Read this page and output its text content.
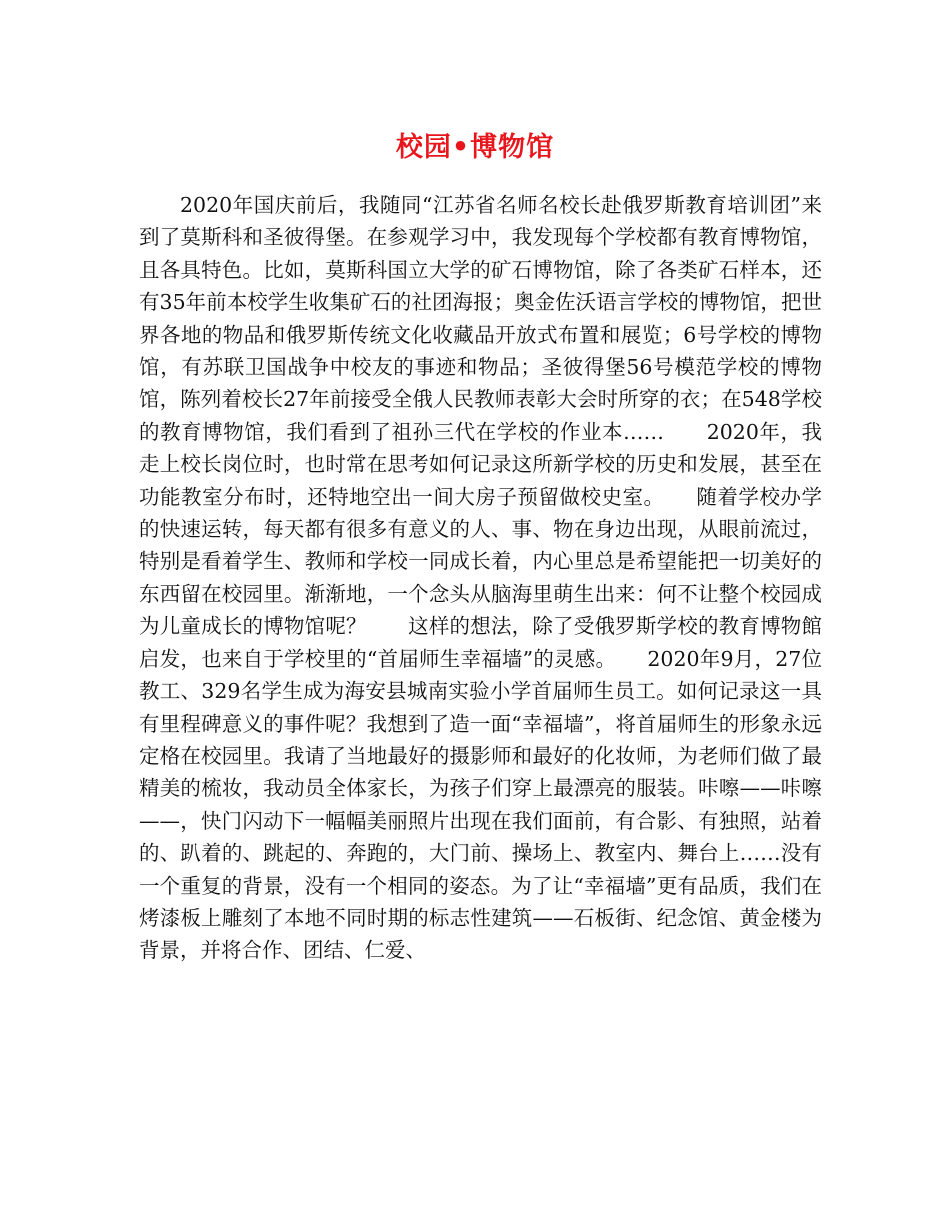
校园•博物馆

2020年国庆前后，我随同“江苏省名师名校长赴俄罗斯教育培训团”来到了莫斯科和圣彼得堡。在参观学习中，我发现每个学校都有教育博物馆，且各具特色。比如，莫斯科国立大学的矿石博物馆，除了各类矿石样本，还有35年前本校学生收集矿石的社团海报；奥金佐沃语言学校的博物馆，把世界各地的物品和俄罗斯传统文化收藏品开放式布置和展览；6号学校的博物馆，有苏联卫国战争中校友的事迹和物品；圣彼得堡56号模范学校的博物馆，陈列着校长27年前接受全俄人民教师表彰大会时所穿的衣；在548学校的教育博物馆，我们看到了祖孙三代在学校的作业本……　　2020年，我走上校长岗位时，也时常在思考如何记录这所新学校的历史和发展，甚至在功能教室分布时，还特地空出一间大房子预留做校史室。　　随着学校办学的快速运转，每天都有很多有意义的人、事、物在身边出现，从眼前流过，特别是看着学生、教师和学校一同成长着，内心里总是希望能把一切美好的东西留在校园里。渐渐地，一个念头从脑海里萌生出来：何不让整个校园成为儿童成长的博物馆呢？　　这样的想法，除了受俄罗斯学校的教育博物館启发，也来自于学校里的“首届师生幸福墙”的灵感。　　2020年9月，27位教工、329名学生成为海安县城南实验小学首届师生员工。如何记录这一具有里程碑意义的事件呢？我想到了造一面“幸福墙”，将首届师生的形象永远定格在校园里。我请了当地最好的摄影师和最好的化妆师，为老师们做了最精美的梳妆，我动员全体家长，为孩子们穿上最漂亮的服装。咔嚓——咔嚓——，快门闪动下一幅幅美丽照片出现在我们面前，有合影、有独照，站着的、趴着的、跳起的、奔跑的，大门前、操场上、教室内、舞台上……没有一个重复的背景，没有一个相同的姿态。为了让“幸福墙”更有品质，我们在烤漆板上雕刻了本地不同时期的标志性建筑——石板街、纪念馆、黄金楼为背景，并将合作、团结、仁爱、
